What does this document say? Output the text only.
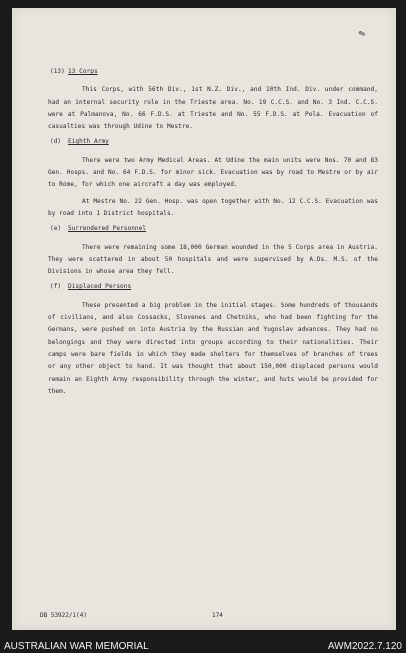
✎
(13) 13 Corps

This Corps, with 56th Div., 1st N.Z. Div., and 10th Ind. Div. under command, had an internal security role in the Trieste area. No. 19 C.C.S. and No. 3 Ind. C.C.S. were at Palmanova, No. 66 F.D.S. at Trieste and No. 55 F.D.S. at Pola. Evacuation of casualties was through Udine to Mestre.

(d) Eighth Army

There were two Army Medical Areas. At Udine the main units were Nos. 70 and 83 Gen. Hosps. and No. 64 F.D.S. for minor sick. Evacuation was by road to Mestre or by air to Rome, for which one aircraft a day was employed.

At Mestre No. 22 Gen. Hosp. was open together with No. 12 C.C.S. Evacuation was by road into 1 District hospitals.

(e) Surrendered Personnel

There were remaining some 18,000 German wounded in the 5 Corps area in Austria. They were scattered in about 50 hospitals and were supervised by A.Ds. M.S. of the Divisions in whose area they fell.

(f) Displaced Persons

These presented a big problem in the initial stages. Some hundreds of thousands of civilians, and also Cossacks, Slovenes and Chetniks, who had been fighting for the Germans, were pushed on into Austria by the Russian and Yugoslav advances. They had no belongings and they were directed into groups according to their nationalities. Their camps were bare fields in which they made shelters for themselves of branches of trees or any other object to hand. It was thought that about 150,000 displaced persons would remain an Eighth Army responsibility through the winter, and huts would be provided for them.

DB 53922/1(4)	174
AUSTRALIAN WAR MEMORIAL	AWM2022.7.120
